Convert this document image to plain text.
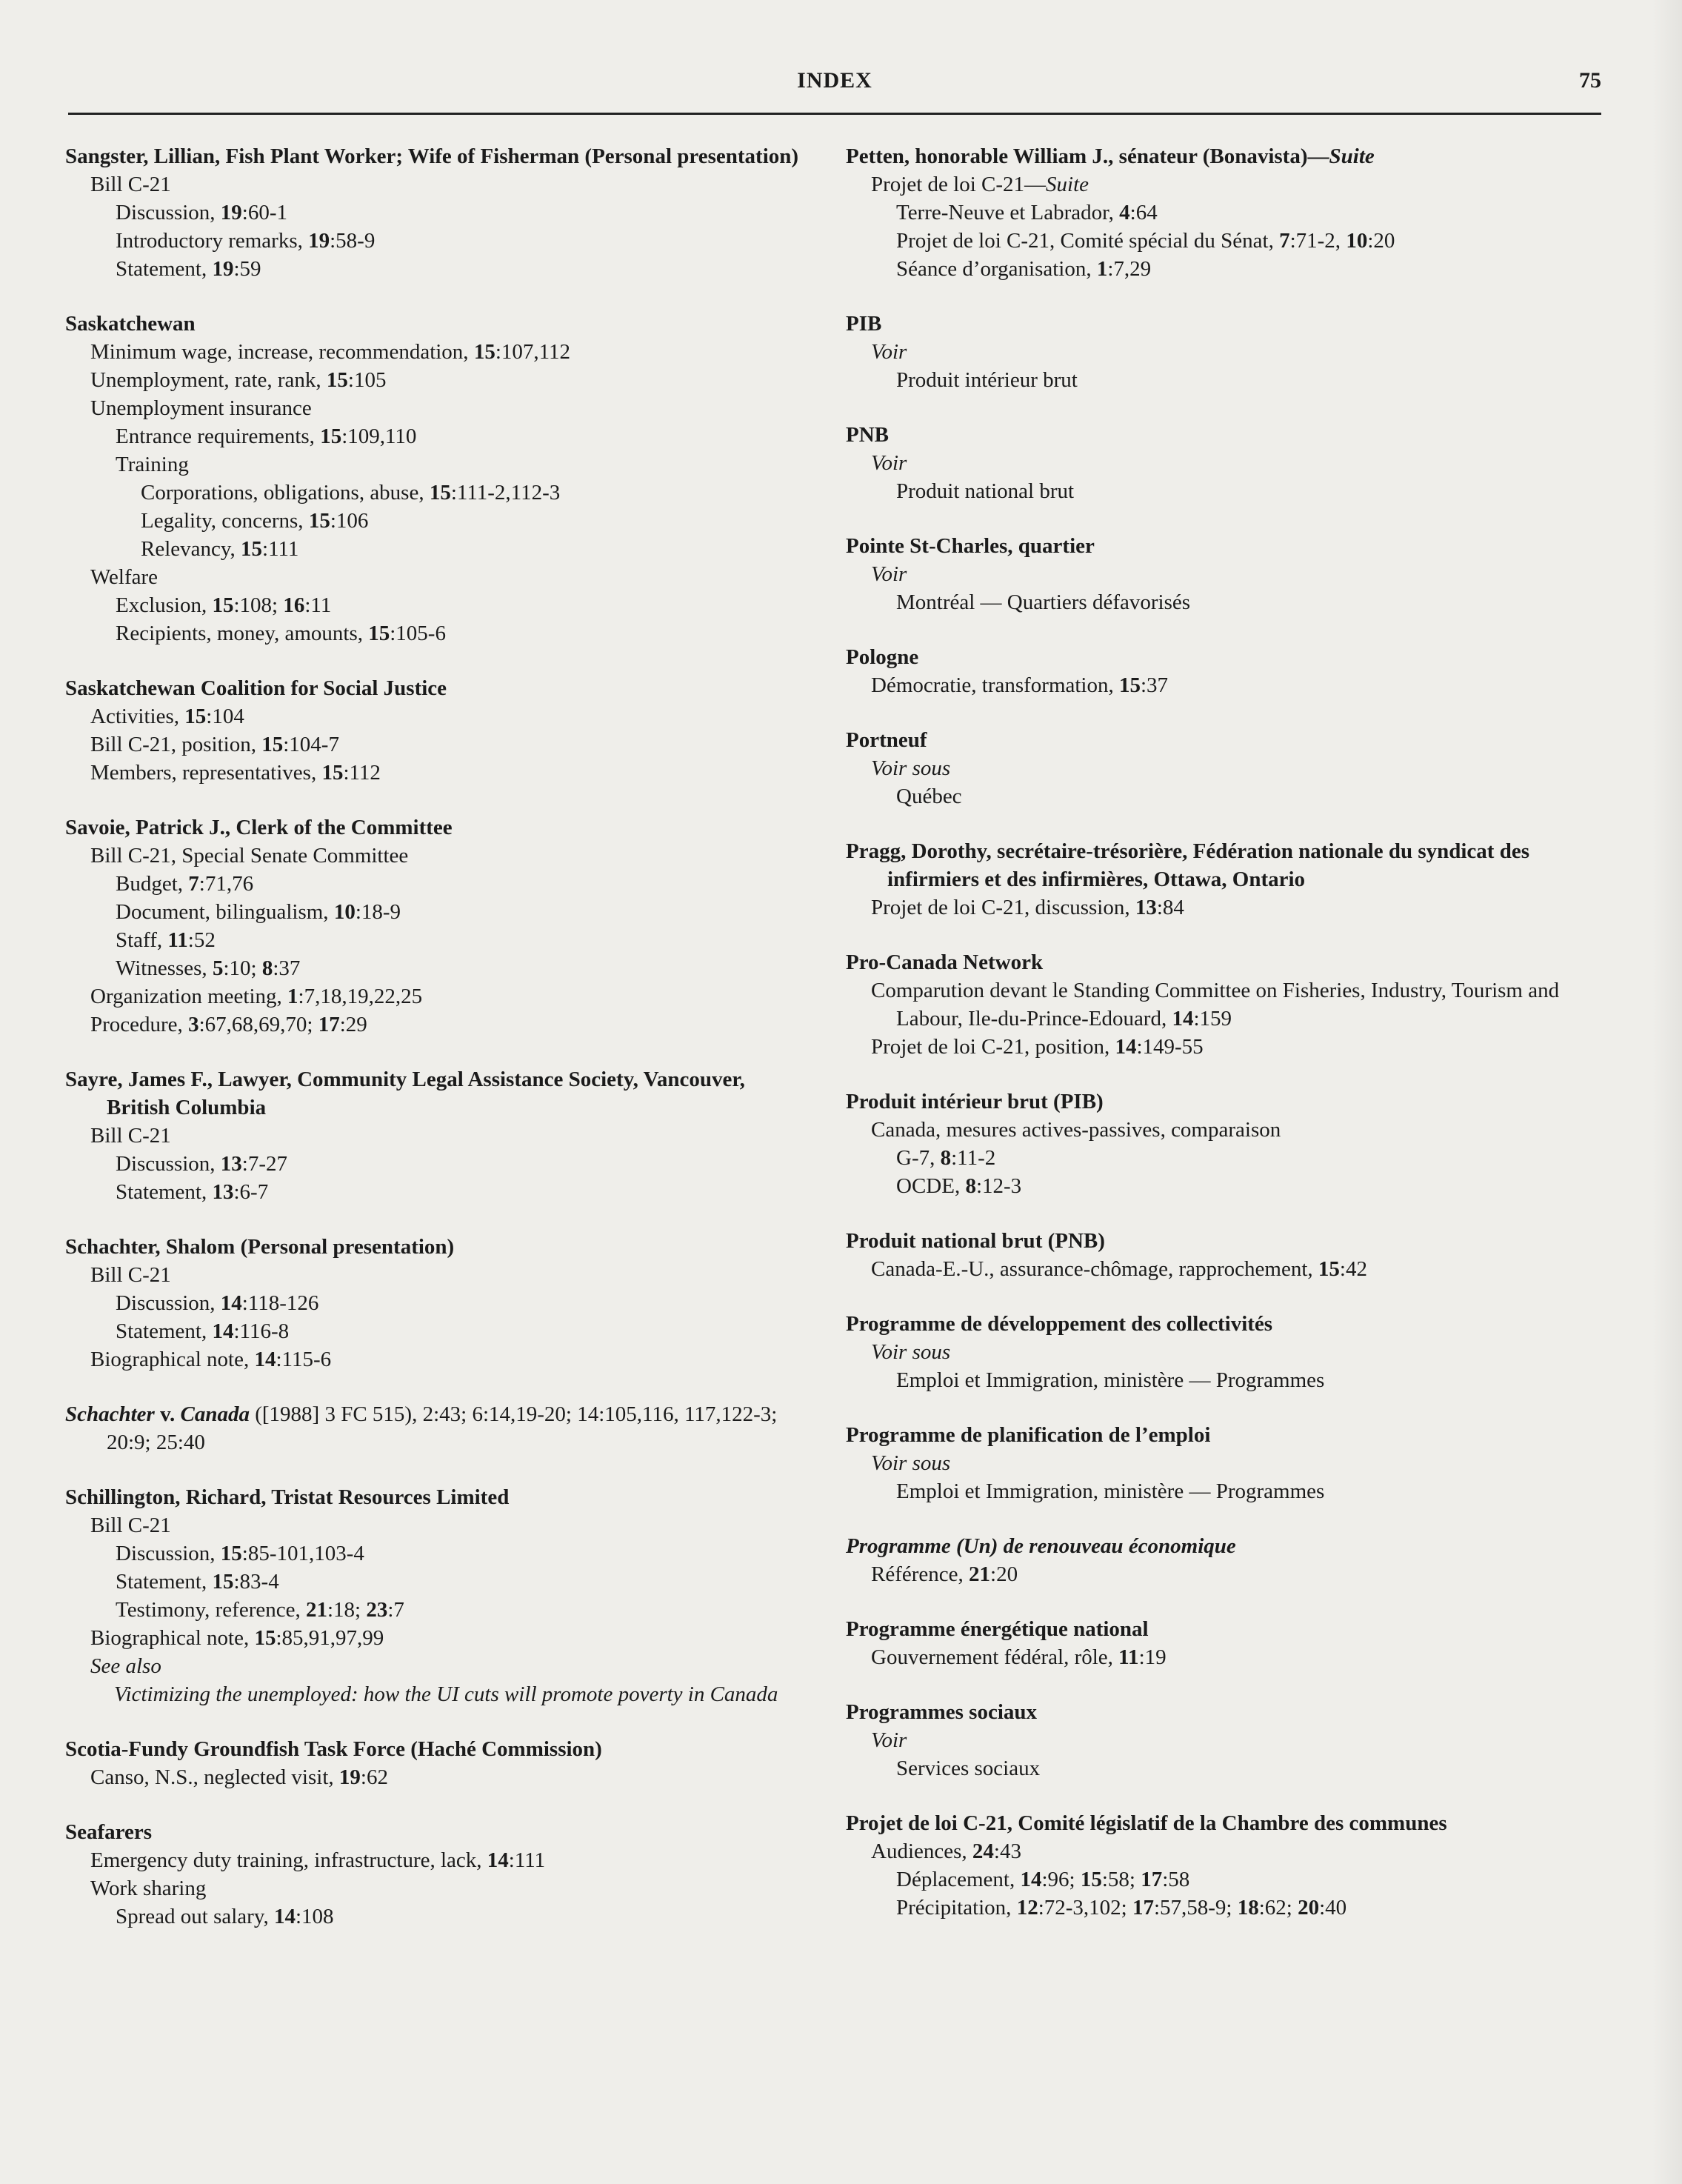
INDEX	75
Sangster, Lillian, Fish Plant Worker; Wife of Fisherman (Personal presentation)
Bill C-21
Discussion, 19:60-1
Introductory remarks, 19:58-9
Statement, 19:59
Saskatchewan
Minimum wage, increase, recommendation, 15:107,112
Unemployment, rate, rank, 15:105
Unemployment insurance
Entrance requirements, 15:109,110
Training
Corporations, obligations, abuse, 15:111-2,112-3
Legality, concerns, 15:106
Relevancy, 15:111
Welfare
Exclusion, 15:108; 16:11
Recipients, money, amounts, 15:105-6
Saskatchewan Coalition for Social Justice
Activities, 15:104
Bill C-21, position, 15:104-7
Members, representatives, 15:112
Savoie, Patrick J., Clerk of the Committee
Bill C-21, Special Senate Committee
Budget, 7:71,76
Document, bilingualism, 10:18-9
Staff, 11:52
Witnesses, 5:10; 8:37
Organization meeting, 1:7,18,19,22,25
Procedure, 3:67,68,69,70; 17:29
Sayre, James F., Lawyer, Community Legal Assistance Society, Vancouver, British Columbia
Bill C-21
Discussion, 13:7-27
Statement, 13:6-7
Schachter, Shalom (Personal presentation)
Bill C-21
Discussion, 14:118-126
Statement, 14:116-8
Biographical note, 14:115-6
Schachter v. Canada ([1988] 3 FC 515), 2:43; 6:14,19-20; 14:105,116, 117,122-3; 20:9; 25:40
Schillington, Richard, Tristat Resources Limited
Bill C-21
Discussion, 15:85-101,103-4
Statement, 15:83-4
Testimony, reference, 21:18; 23:7
Biographical note, 15:85,91,97,99
See also
Victimizing the unemployed: how the UI cuts will promote poverty in Canada
Scotia-Fundy Groundfish Task Force (Haché Commission)
Canso, N.S., neglected visit, 19:62
Seafarers
Emergency duty training, infrastructure, lack, 14:111
Work sharing
Spread out salary, 14:108
Petten, honorable William J., sénateur (Bonavista)—Suite
Projet de loi C-21—Suite
Terre-Neuve et Labrador, 4:64
Projet de loi C-21, Comité spécial du Sénat, 7:71-2, 10:20
Séance d’organisation, 1:7,29
PIB
Voir
Produit intérieur brut
PNB
Voir
Produit national brut
Pointe St-Charles, quartier
Voir
Montréal — Quartiers défavorisés
Pologne
Démocratie, transformation, 15:37
Portneuf
Voir sous
Québec
Pragg, Dorothy, secrétaire-trésorière, Fédération nationale du syndicat des infirmiers et des infirmières, Ottawa, Ontario
Projet de loi C-21, discussion, 13:84
Pro-Canada Network
Comparution devant le Standing Committee on Fisheries, Industry, Tourism and Labour, Ile-du-Prince-Edouard, 14:159
Projet de loi C-21, position, 14:149-55
Produit intérieur brut (PIB)
Canada, mesures actives-passives, comparaison
G-7, 8:11-2
OCDE, 8:12-3
Produit national brut (PNB)
Canada-E.-U., assurance-chômage, rapprochement, 15:42
Programme de développement des collectivités
Voir sous
Emploi et Immigration, ministère — Programmes
Programme de planification de l’emploi
Voir sous
Emploi et Immigration, ministère — Programmes
Programme (Un) de renouveau économique
Référence, 21:20
Programme énergétique national
Gouvernement fédéral, rôle, 11:19
Programmes sociaux
Voir
Services sociaux
Projet de loi C-21, Comité législatif de la Chambre des communes
Audiences, 24:43
Déplacement, 14:96; 15:58; 17:58
Précipitation, 12:72-3,102; 17:57,58-9; 18:62; 20:40
